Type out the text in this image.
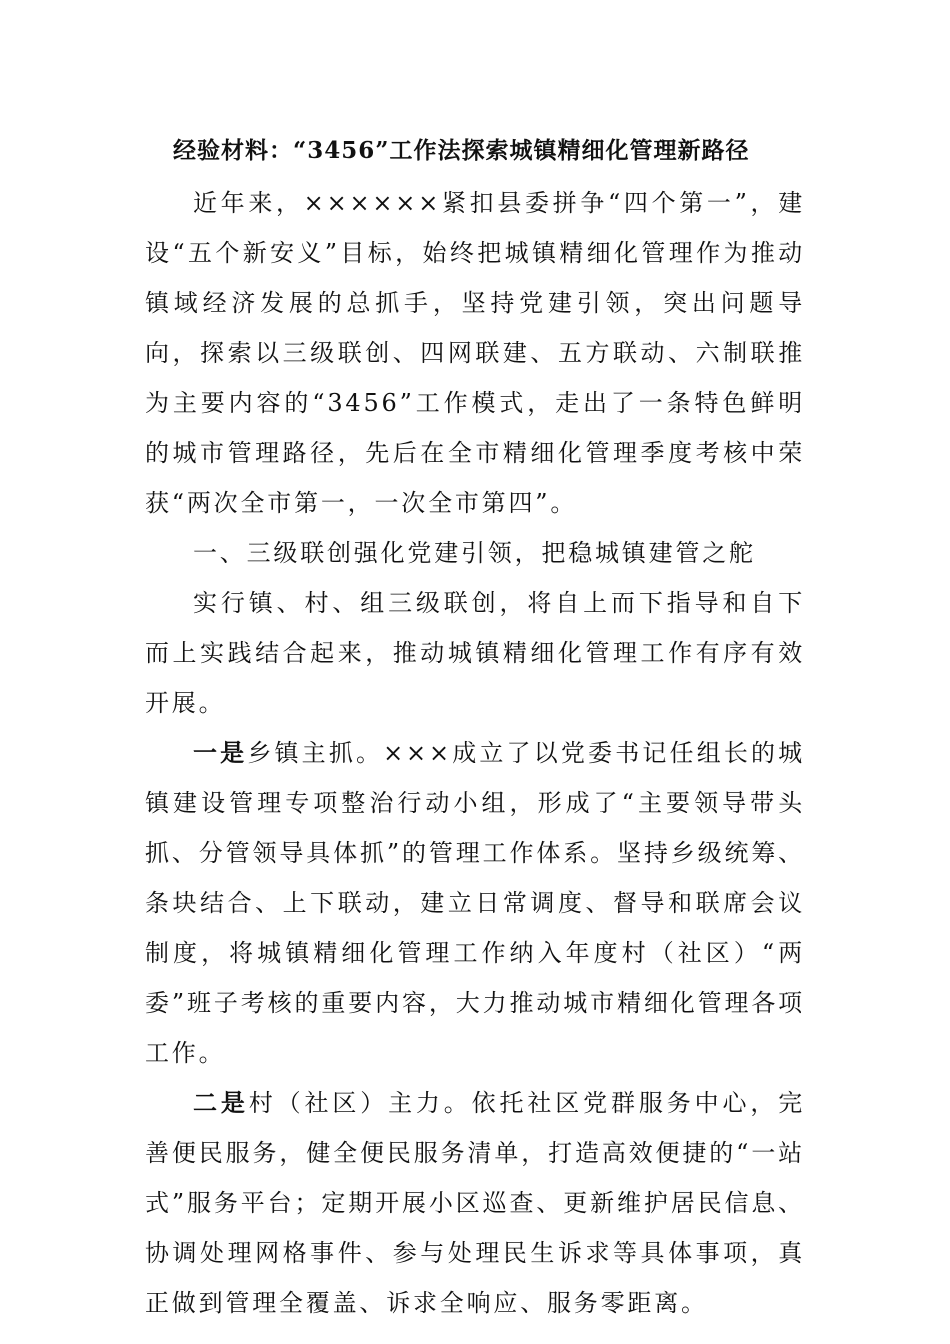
经验材料：“3456”工作法探索城镇精细化管理新路径

近年来，××××××紧扣县委拼争“四个第一”，建设“五个新安义”目标，始终把城镇精细化管理作为推动镇域经济发展的总抓手，坚持党建引领，突出问题导向，探索以三级联创、四网联建、五方联动、六制联推为主要内容的“3456”工作模式，走出了一条特色鲜明的城市管理路径，先后在全市精细化管理季度考核中荣获“两次全市第一，一次全市第四”。

一、三级联创强化党建引领，把稳城镇建管之舵

实行镇、村、组三级联创，将自上而下指导和自下而上实践结合起来，推动城镇精细化管理工作有序有效开展。

一是乡镇主抓。×××成立了以党委书记任组长的城镇建设管理专项整治行动小组，形成了“主要领导带头抓、分管领导具体抓”的管理工作体系。坚持乡级统筹、条块结合、上下联动，建立日常调度、督导和联席会议制度，将城镇精细化管理工作纳入年度村（社区）“两委”班子考核的重要内容，大力推动城市精细化管理各项工作。

二是村（社区）主力。依托社区党群服务中心，完善便民服务，健全便民服务清单，打造高效便捷的“一站式”服务平台；定期开展小区巡查、更新维护居民信息、协调处理网格事件、参与处理民生诉求等具体事项，真正做到管理全覆盖、诉求全响应、服务零距离。
